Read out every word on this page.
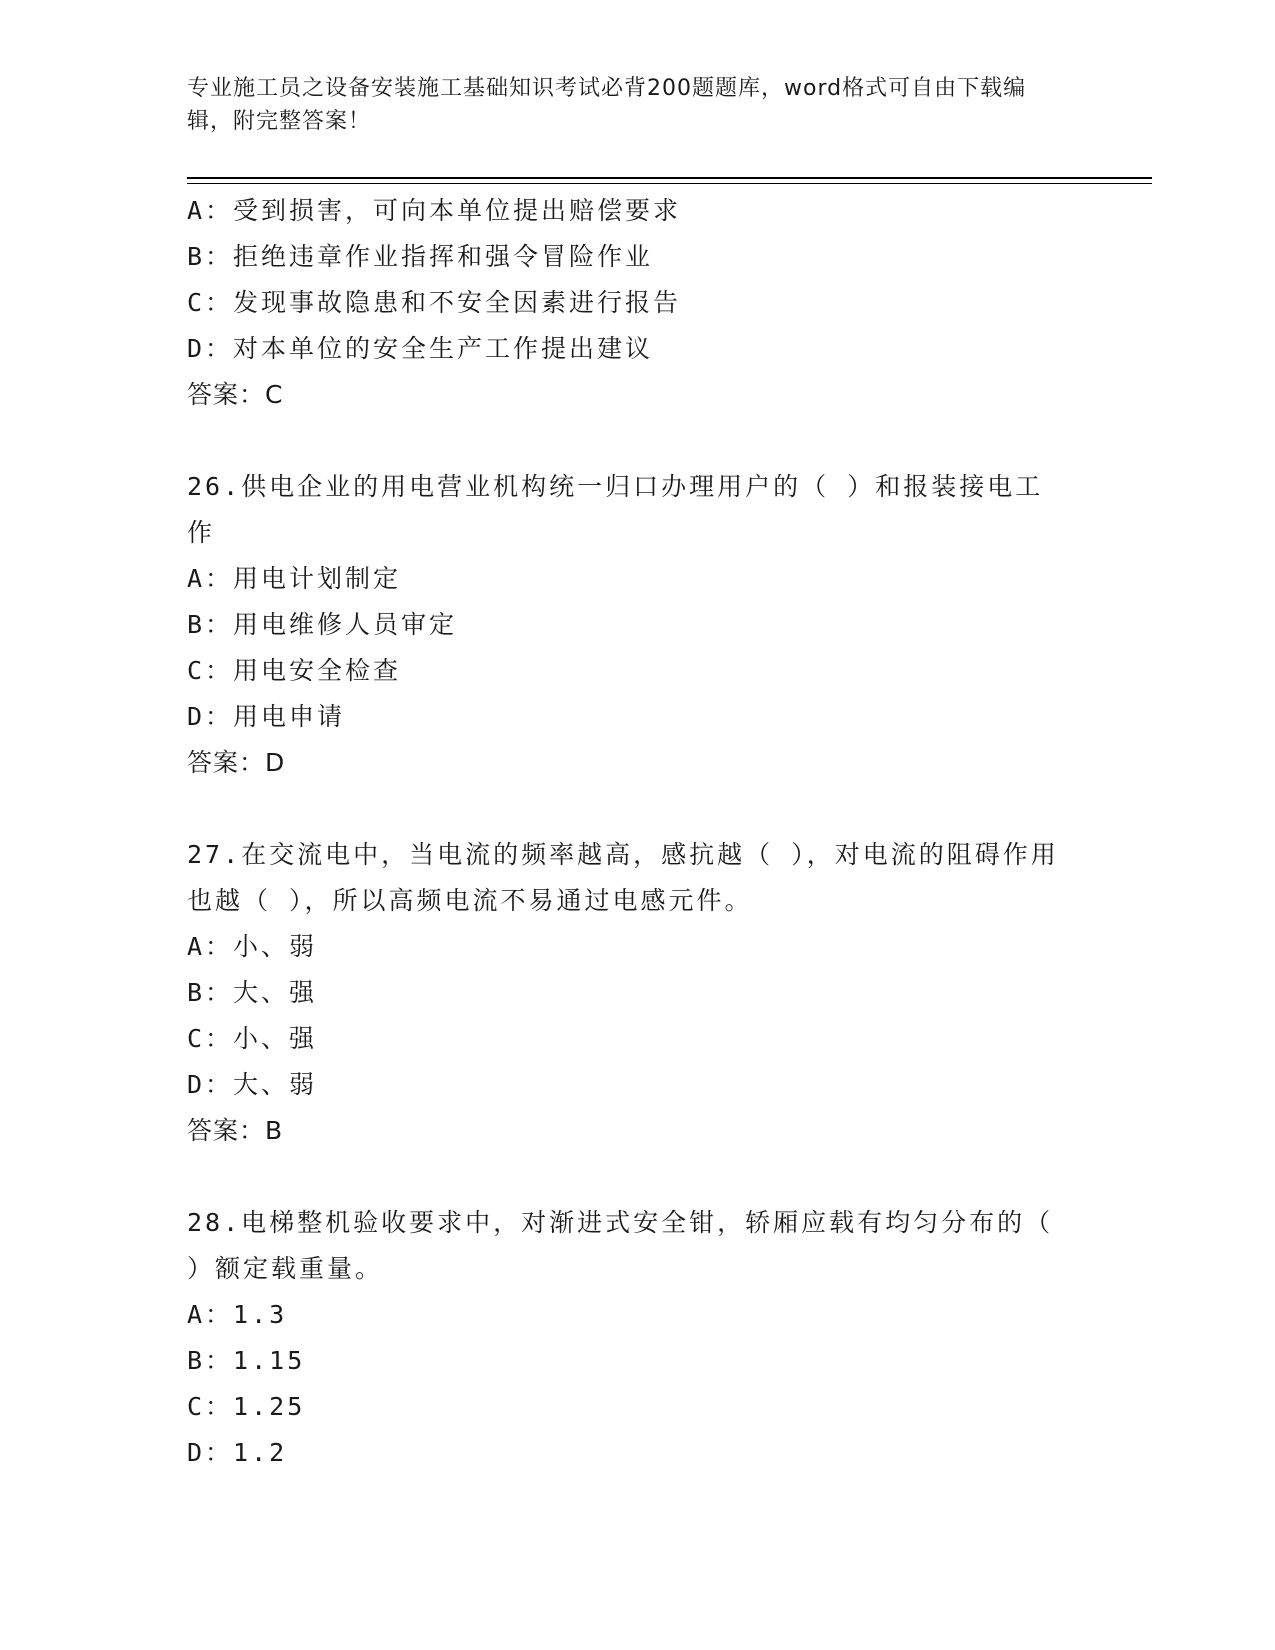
专业施工员之设备安装施工基础知识考试必背200题题库，word格式可自由下载编辑，附完整答案！
A：受到损害，可向本单位提出赔偿要求
B：拒绝违章作业指挥和强令冒险作业
C：发现事故隐患和不安全因素进行报告
D：对本单位的安全生产工作提出建议
答案：C
26.供电企业的用电营业机构统一归口办理用户的（ ）和报装接电工作
A：用电计划制定
B：用电维修人员审定
C：用电安全检查
D：用电申请
答案：D
27.在交流电中，当电流的频率越高，感抗越（ ），对电流的阻碍作用也越（ ），所以高频电流不易通过电感元件。
A：小、弱
B：大、强
C：小、强
D：大、弱
答案：B
28.电梯整机验收要求中，对渐进式安全钳，轿厢应载有均匀分布的（ ）额定载重量。
A：1.3
B：1.15
C：1.25
D：1.2
